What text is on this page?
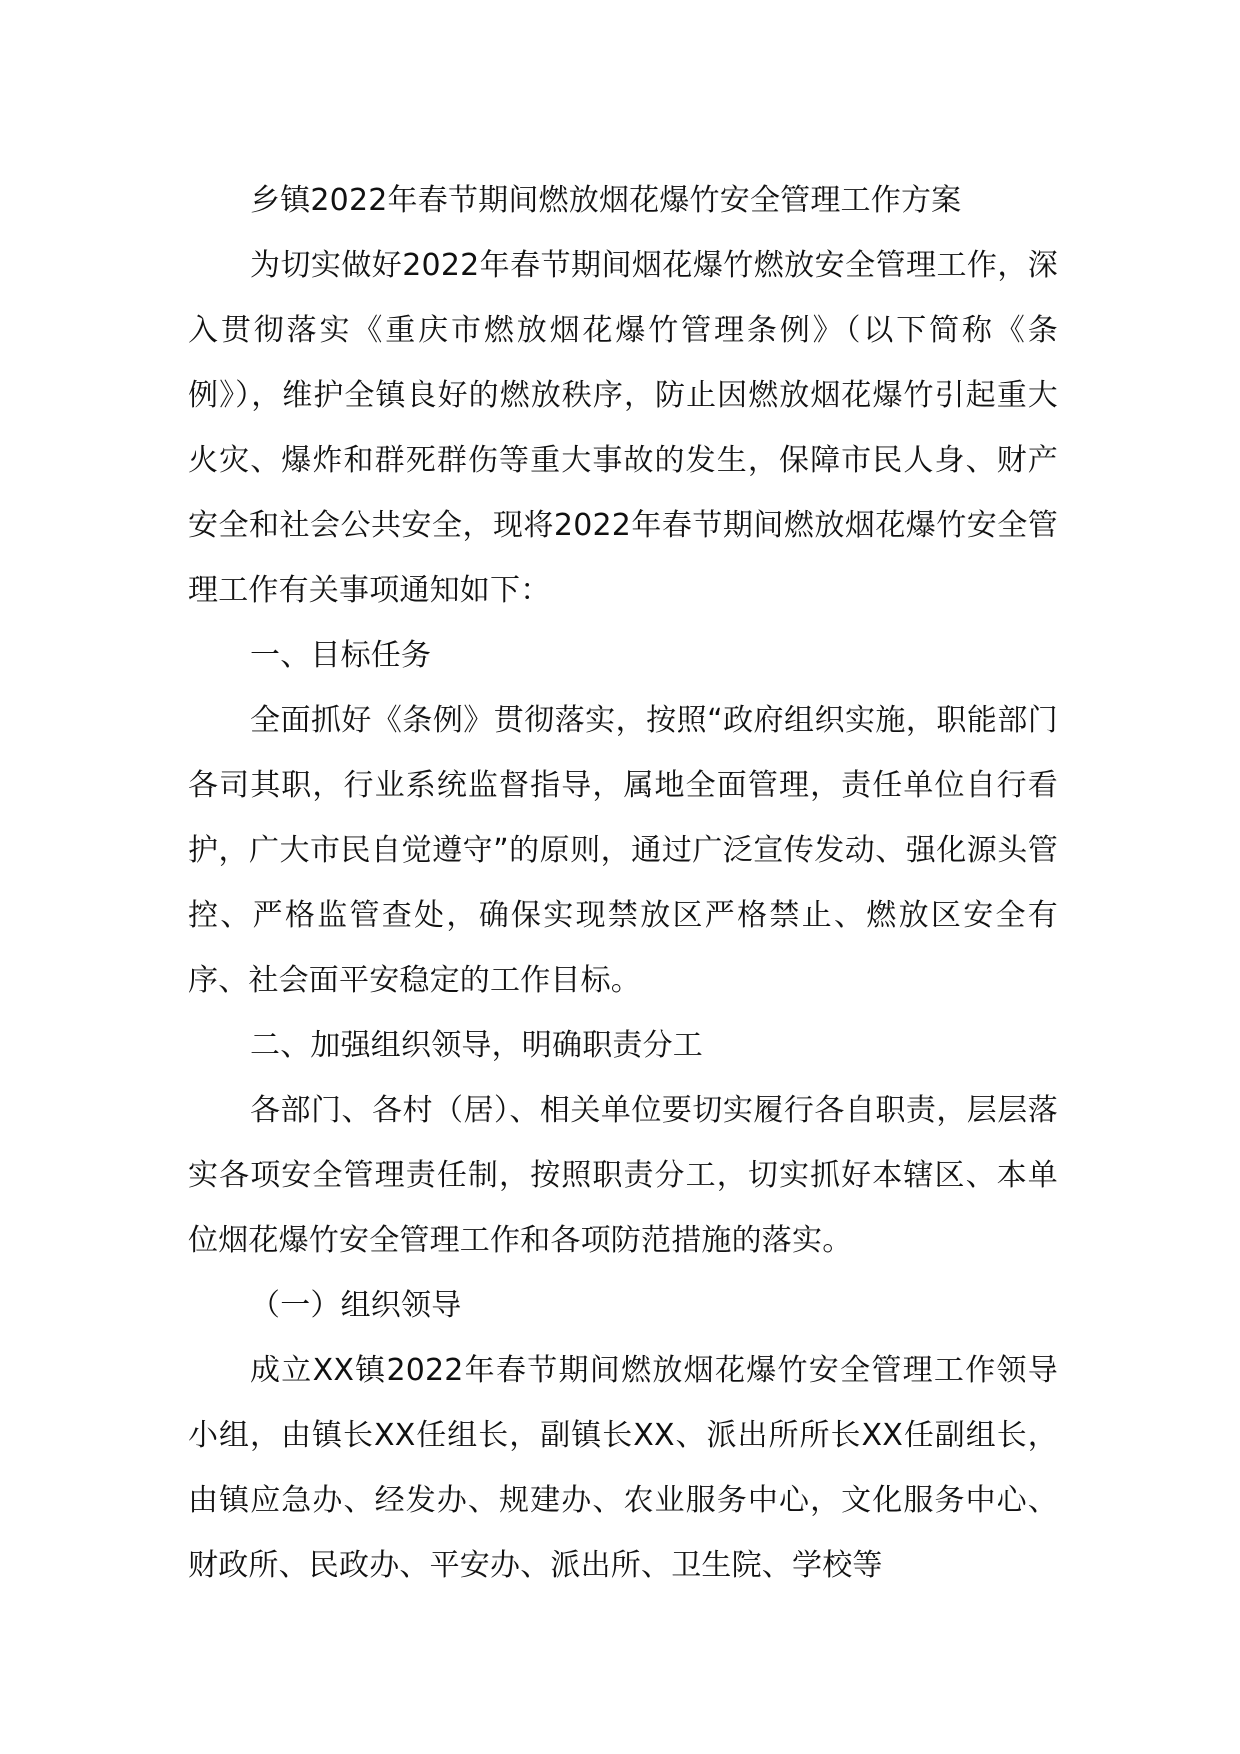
乡镇2022年春节期间燃放烟花爆竹安全管理工作方案

为切实做好2022年春节期间烟花爆竹燃放安全管理工作，深入贯彻落实《重庆市燃放烟花爆竹管理条例》（以下简称《条例》），维护全镇良好的燃放秩序，防止因燃放烟花爆竹引起重大火灾、爆炸和群死群伤等重大事故的发生，保障市民人身、财产安全和社会公共安全，现将2022年春节期间燃放烟花爆竹安全管理工作有关事项通知如下：

一、目标任务

全面抓好《条例》贯彻落实，按照“政府组织实施，职能部门各司其职，行业系统监督指导，属地全面管理，责任单位自行看护，广大市民自觉遵守”的原则，通过广泛宣传发动、强化源头管控、严格监管查处，确保实现禁放区严格禁止、燃放区安全有序、社会面平安稳定的工作目标。

二、加强组织领导，明确职责分工

各部门、各村（居）、相关单位要切实履行各自职责，层层落实各项安全管理责任制，按照职责分工，切实抓好本辖区、本单位烟花爆竹安全管理工作和各项防范措施的落实。

（一）组织领导

成立XX镇2022年春节期间燃放烟花爆竹安全管理工作领导小组，由镇长XX任组长，副镇长XX、派出所所长XX任副组长，由镇应急办、经发办、规建办、农业服务中心，文化服务中心、财政所、民政办、平安办、派出所、卫生院、学校等
